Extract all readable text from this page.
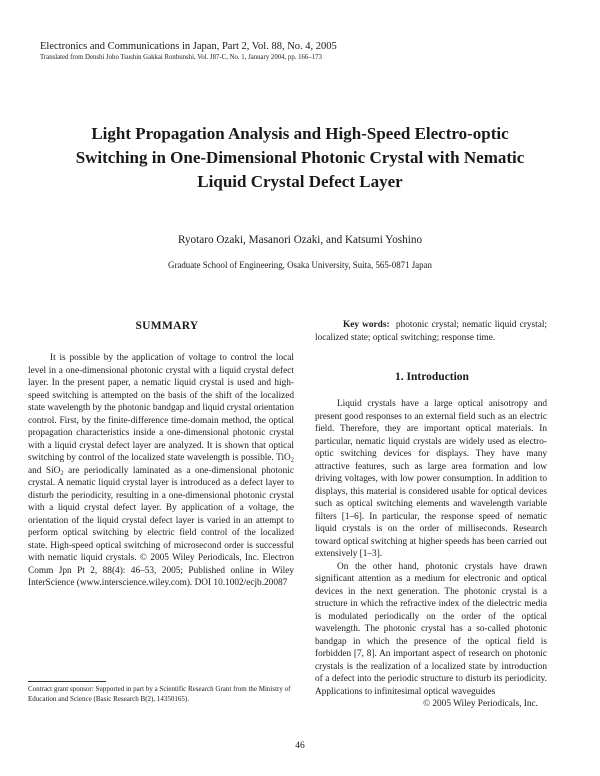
Electronics and Communications in Japan, Part 2, Vol. 88, No. 4, 2005
Translated from Denshi Joho Tsushin Gakkai Ronbunshi, Vol. J87-C, No. 1, January 2004, pp. 166–173
Light Propagation Analysis and High-Speed Electro-optic
Switching in One-Dimensional Photonic Crystal with Nematic
Liquid Crystal Defect Layer
Ryotaro Ozaki, Masanori Ozaki, and Katsumi Yoshino
Graduate School of Engineering, Osaka University, Suita, 565-0871 Japan
SUMMARY

It is possible by the application of voltage to control the local level in a one-dimensional photonic crystal with a liquid crystal defect layer. In the present paper, a nematic liquid crystal is used and high-speed switching is attempted on the basis of the shift of the localized state wavelength by the photonic bandgap and liquid crystal orientation control. First, by the finite-difference time-domain method, the optical propagation characteristics inside a one-dimensional photonic crystal with a liquid crystal defect layer are analyzed. It is shown that optical switching by control of the localized state wavelength is possible. TiO$_2$ and SiO$_2$ are periodically laminated as a one-dimensional photonic crystal. A nematic liquid crystal layer is introduced as a defect layer to disturb the periodicity, resulting in a one-dimensional photonic crystal with a liquid crystal defect layer. By application of a voltage, the orientation of the liquid crystal defect layer is varied in an attempt to perform optical switching by electric field control of the localized state. High-speed optical switching of microsecond order is successful with nematic liquid crystals. © 2005 Wiley Periodicals, Inc. Electron Comm Jpn Pt 2, 88(4): 46–53, 2005; Published online in Wiley InterScience (www.interscience.wiley.com). DOI 10.1002/ecjb.20087

Contract grant sponsor: Supported in part by a Scientific Research Grant from the Ministry of Education and Science (Basic Research B(2), 14350165).

Key words: photonic crystal; nematic liquid crystal; localized state; optical switching; response time.

1. Introduction

Liquid crystals have a large optical anisotropy and present good responses to an external field such as an electric field. Therefore, they are important optical materials. In particular, nematic liquid crystals are widely used as electro-optic switching devices for displays. They have many attractive features, such as large area formation and low driving voltages, with low power consumption. In addition to displays, this material is considered usable for optical devices such as optical switching elements and wavelength variable filters [1–6]. In particular, the response speed of nematic liquid crystals is on the order of milliseconds. Research toward optical switching at higher speeds has been carried out extensively [1–3].

On the other hand, photonic crystals have drawn significant attention as a medium for electronic and optical devices in the next generation. The photonic crystal is a structure in which the refractive index of the dielectric media is modulated periodically on the order of the optical wavelength. The photonic crystal has a so-called photonic bandgap in which the presence of the optical field is forbidden [7, 8]. An important aspect of research on photonic crystals is the realization of a localized state by introduction of a defect into the periodic structure to disturb its periodicity. Applications to infinitesimal optical waveguides

© 2005 Wiley Periodicals, Inc.
46
